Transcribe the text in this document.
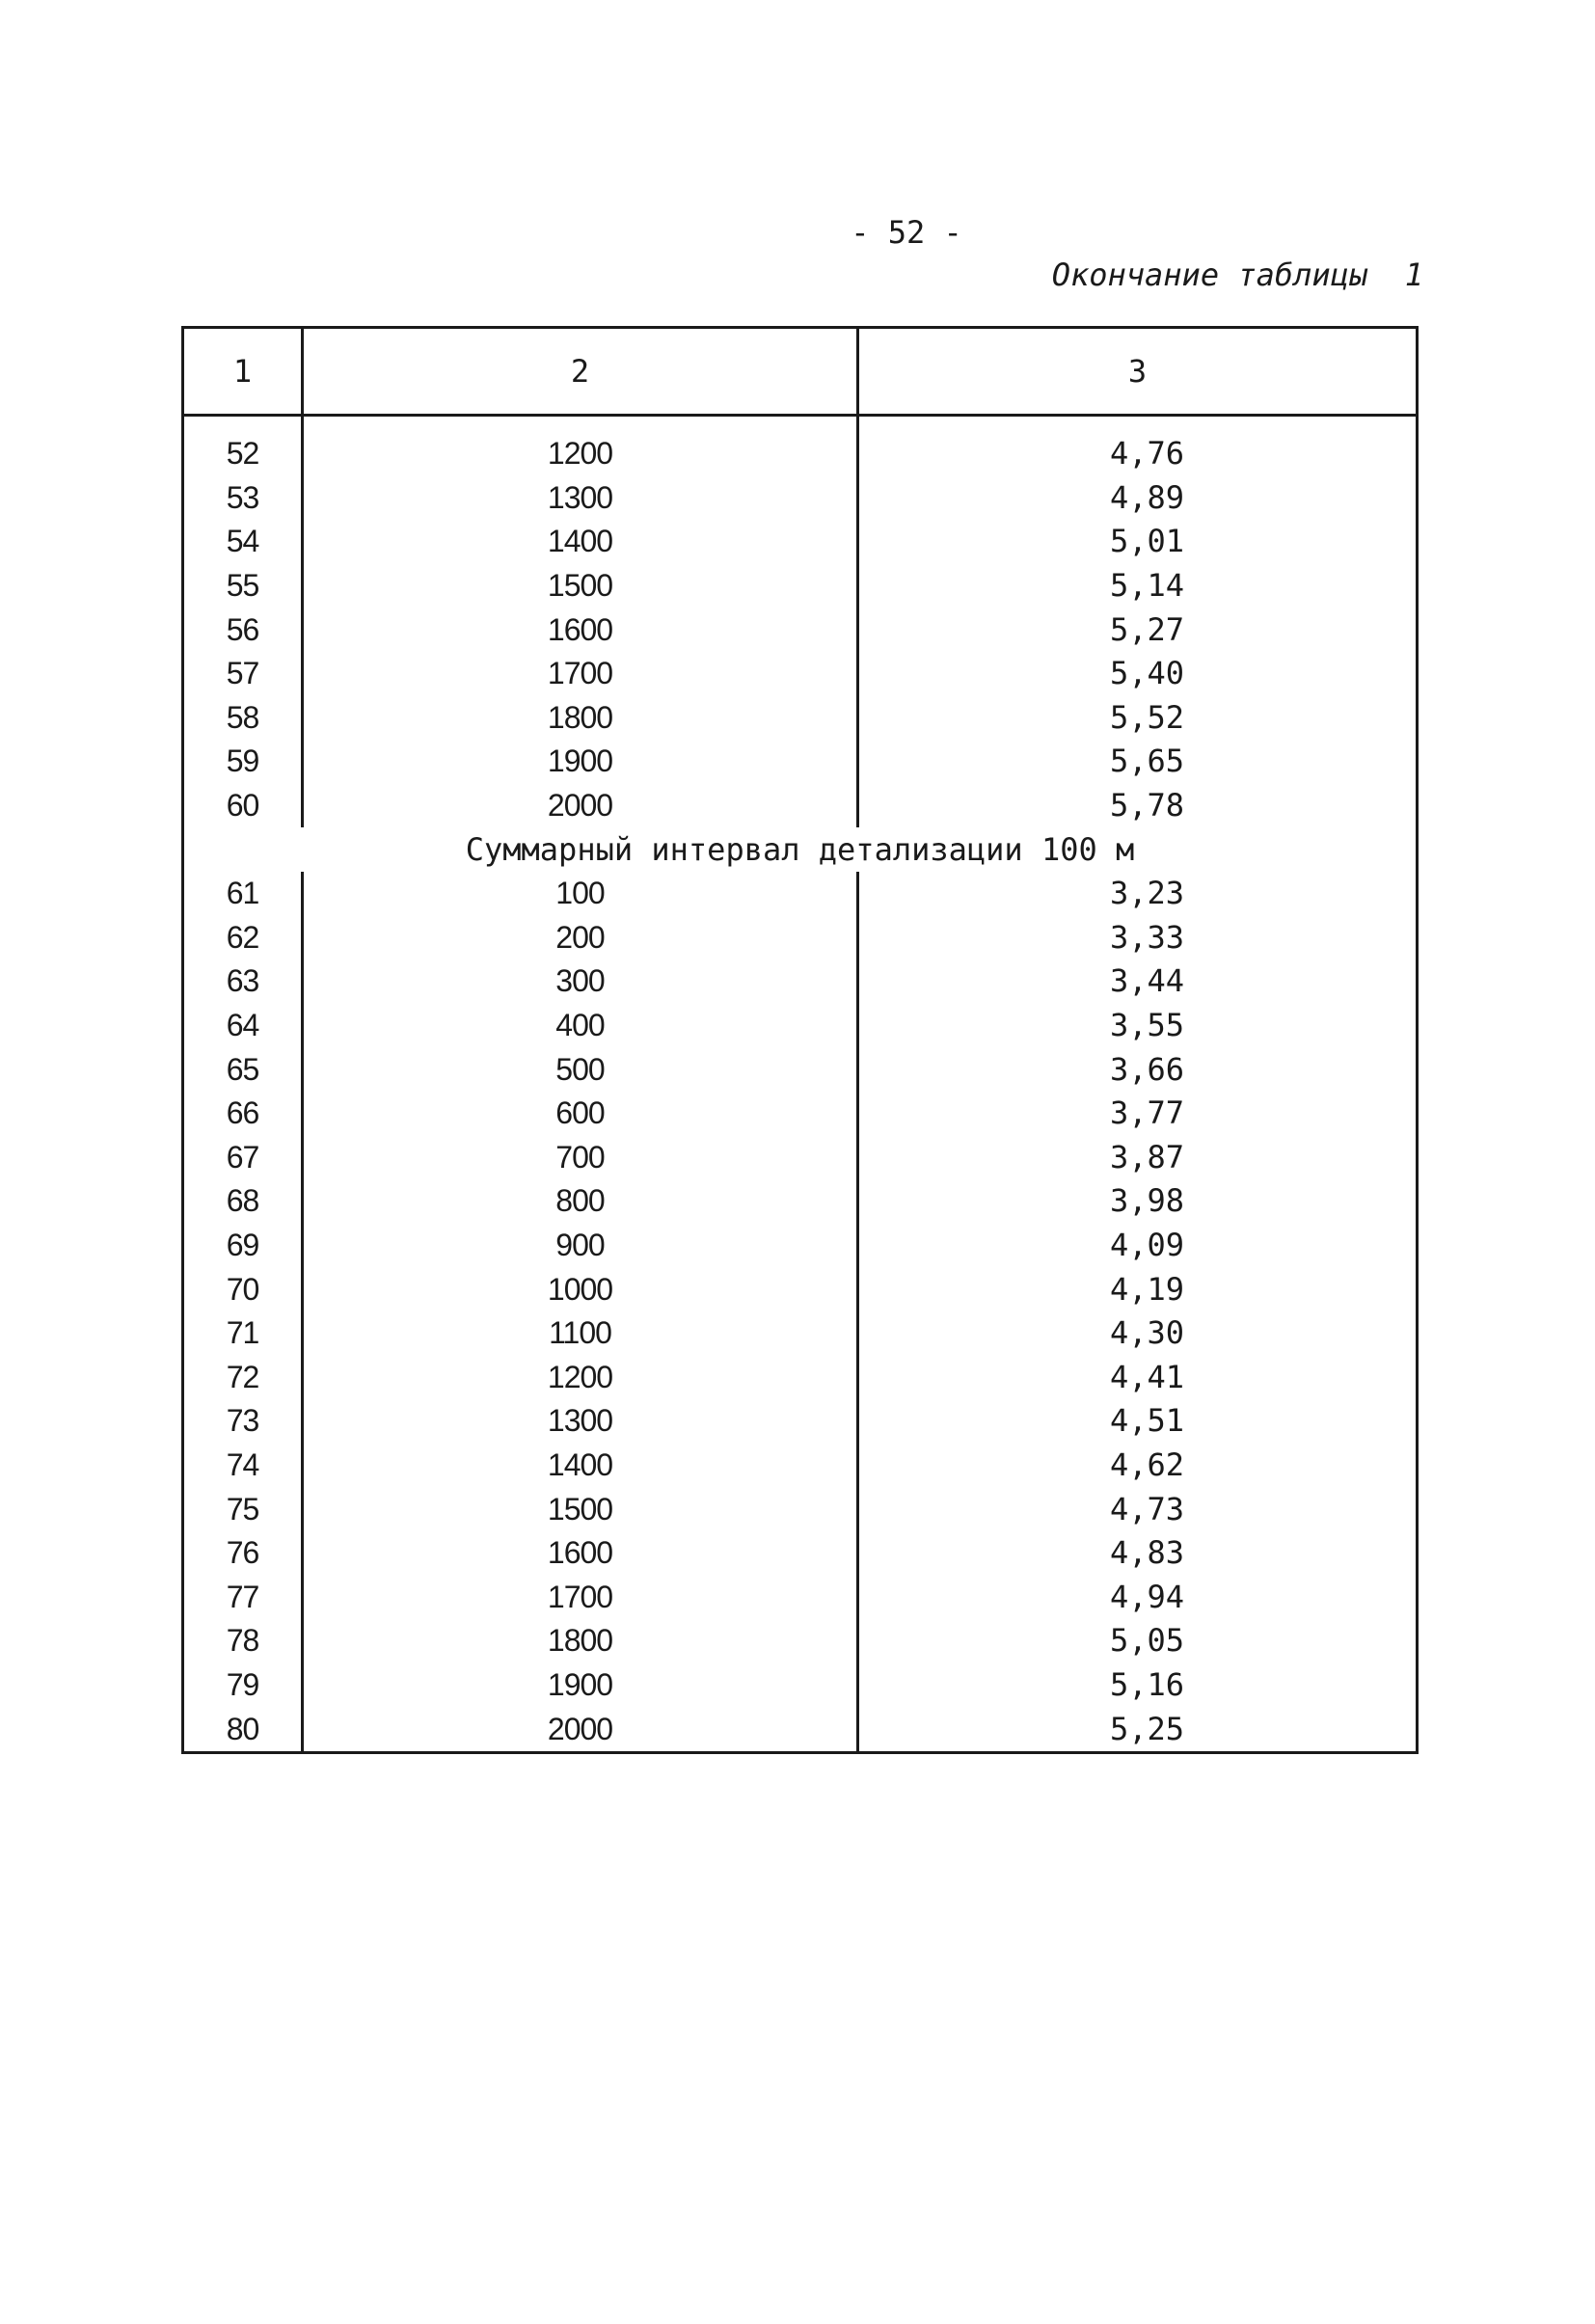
- 52 -
Окончание таблицы  1
1	2	3
52	1200	4,76
53	1300	4,89
54	1400	5,01
55	1500	5,14
56	1600	5,27
57	1700	5,40
58	1800	5,52
59	1900	5,65
60	2000	5,78
Суммарный интервал детализации 100 м		
61	100	3,23
62	200	3,33
63	300	3,44
64	400	3,55
65	500	3,66
66	600	3,77
67	700	3,87
68	800	3,98
69	900	4,09
70	1000	4,19
71	1100	4,30
72	1200	4,41
73	1300	4,51
74	1400	4,62
75	1500	4,73
76	1600	4,83
77	1700	4,94
78	1800	5,05
79	1900	5,16
80	2000	5,25
